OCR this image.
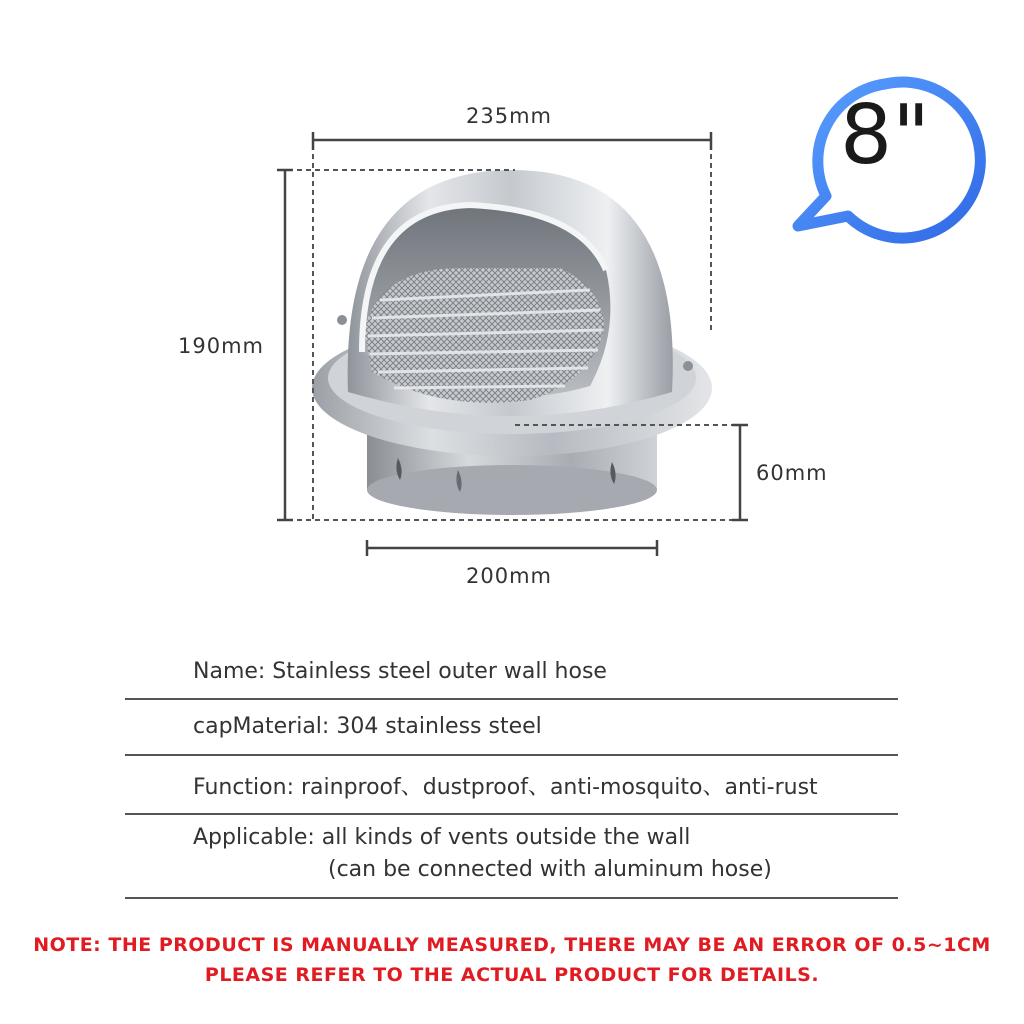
8"
235mm
190mm
60mm
200mm
Name: Stainless steel outer wall hose
capMaterial: 304 stainless steel
Function: rainproof、dustproof、anti-mosquito、anti-rust
Applicable: all kinds of vents outside the wall
(can be connected with aluminum hose)
NOTE: THE PRODUCT IS MANUALLY MEASURED, THERE MAY BE AN ERROR OF 0.5~1CM
PLEASE REFER TO THE ACTUAL PRODUCT FOR DETAILS.
